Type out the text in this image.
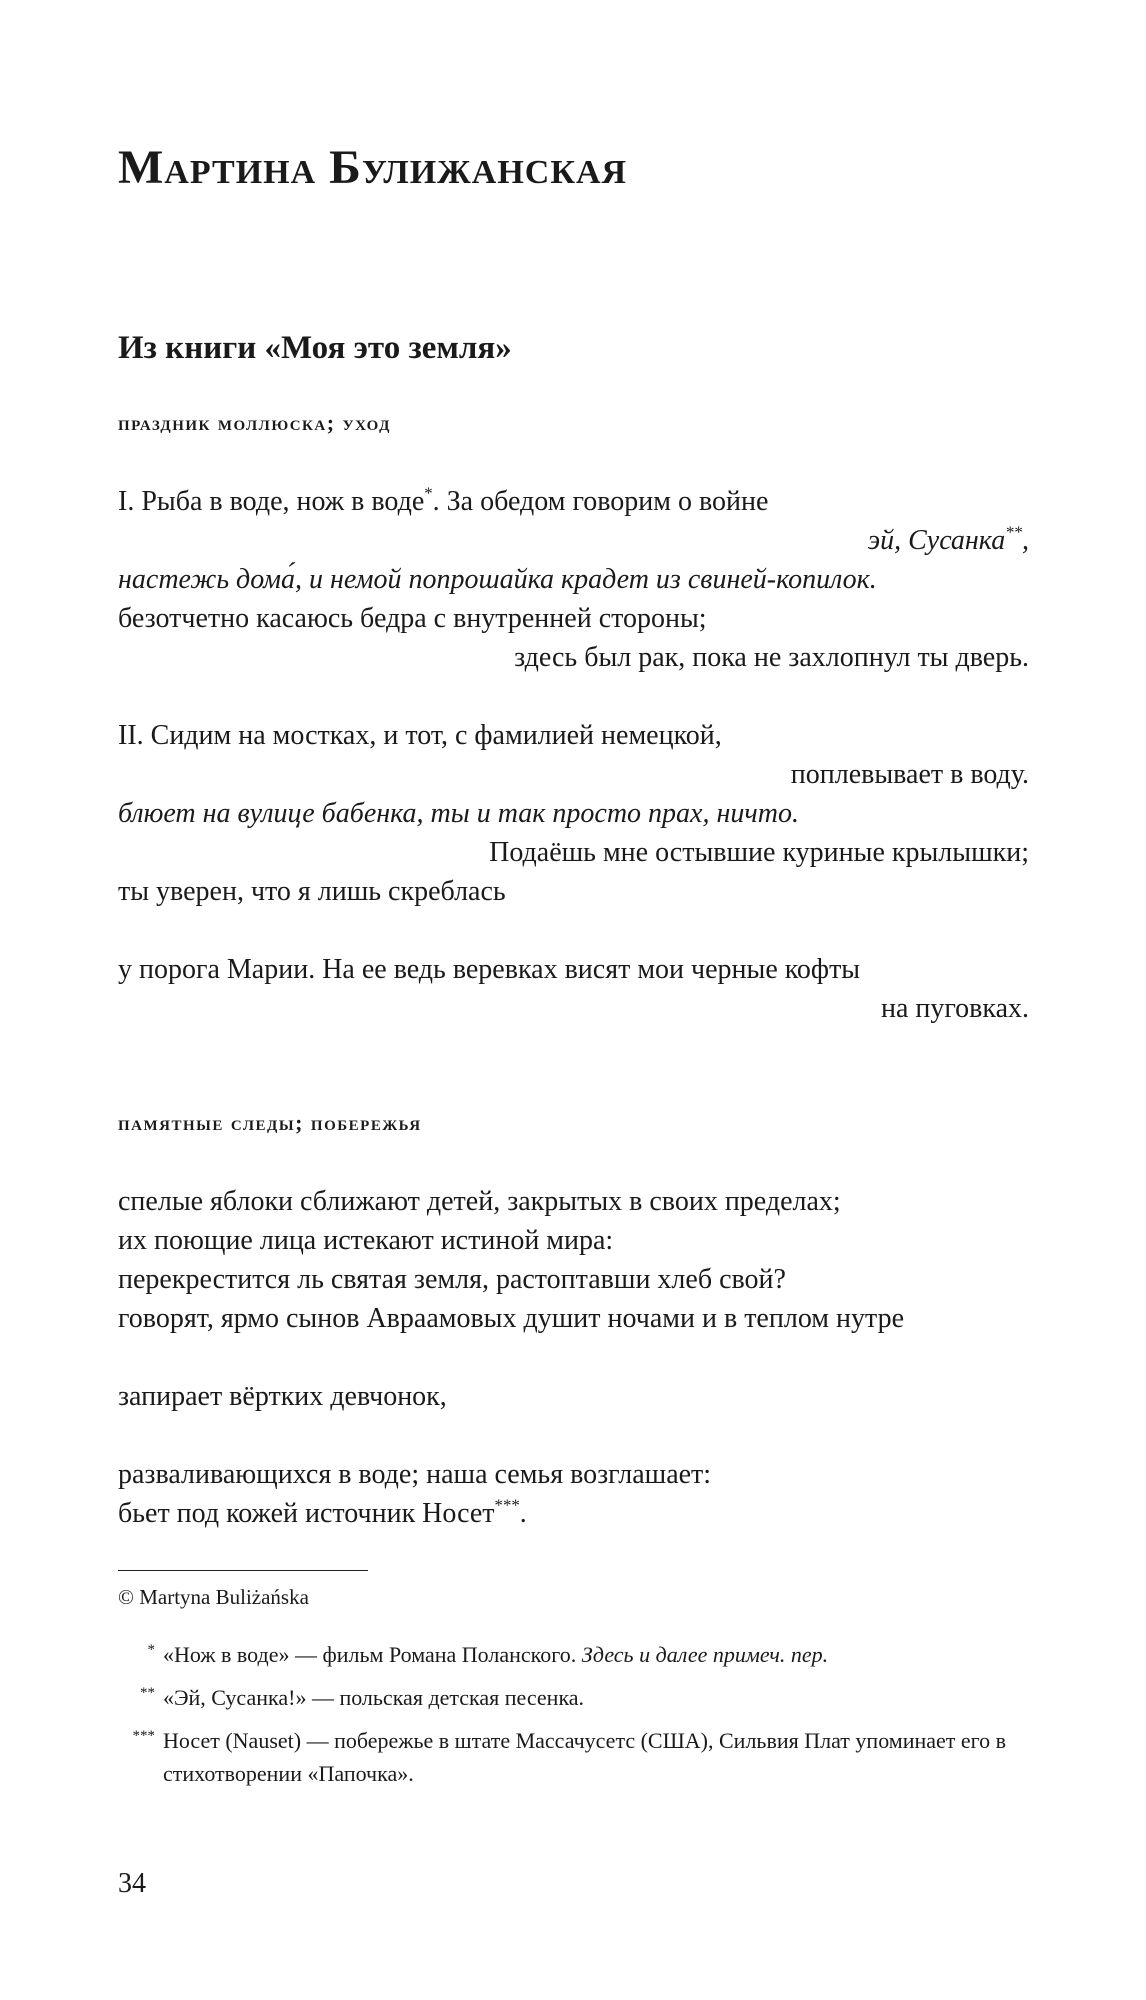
Мартина Булижанская
Из книги «Моя это земля»
праздник моллюска; уход
I. Рыба в воде, нож в воде*. За обедом говорим о войне
эй, Сусанка**,
настежь дома́, и немой попрошайка крадет из свиней-копилок.
безотчетно касаюсь бедра с внутренней стороны;
здесь был рак, пока не захлопнул ты дверь.
II. Сидим на мостках, и тот, с фамилией немецкой,
поплевывает в воду.
блюет на вулице бабенка, ты и так просто прах, ничто.
Подаёшь мне остывшие куриные крылышки;
ты уверен, что я лишь скреблась
у порога Марии. На ее ведь веревках висят мои черные кофты
на пуговках.
памятные следы; побережья
спелые яблоки сближают детей, закрытых в своих пределах;
их поющие лица истекают истиной мира:
перекрестится ль святая земля, растоптавши хлеб свой?
говорят, ярмо сынов Авраамовых душит ночами и в теплом нутре
запирает вёртких девчонок,
разваливающихся в воде; наша семья возглашает:
бьет под кожей источник Носет***.
© Martyna Buliżańska
* «Нож в воде» — фильм Романа Поланского. Здесь и далее примеч. пер.
** «Эй, Сусанка!» — польская детская песенка.
*** Носет (Nauset) — побережье в штате Массачусетс (США), Сильвия Плат упоминает его в стихотворении «Папочка».
34
